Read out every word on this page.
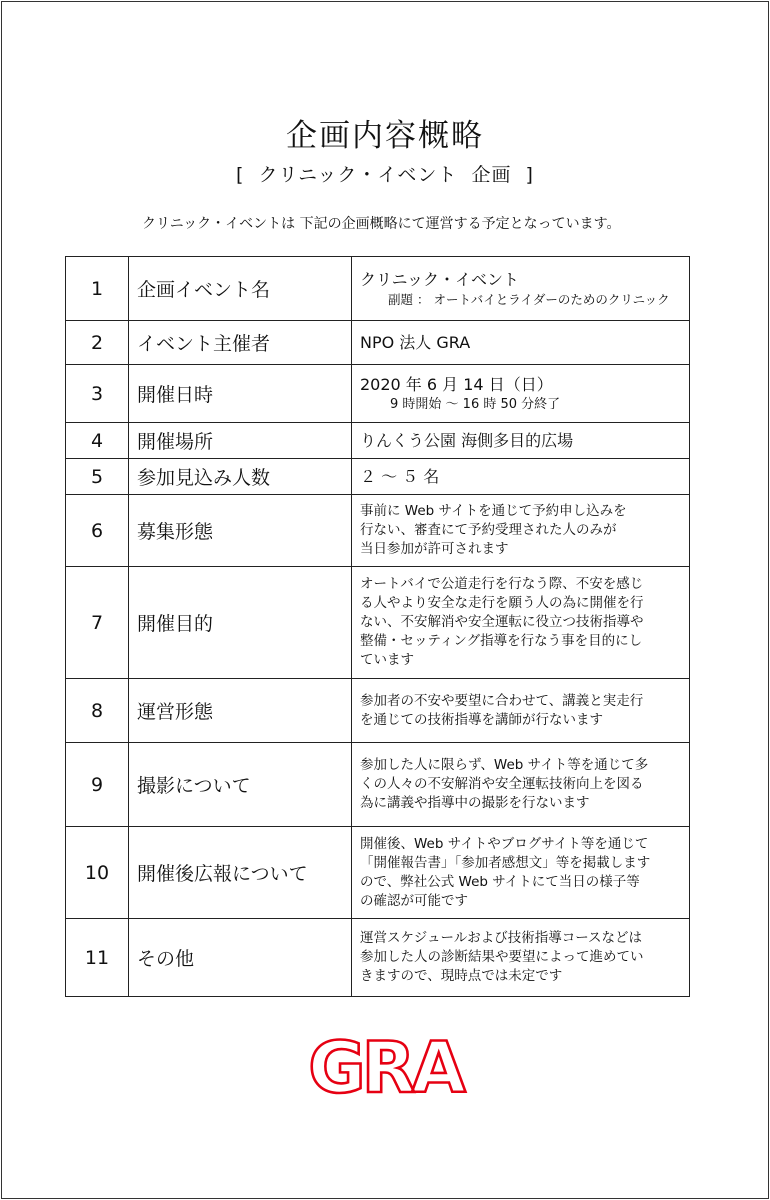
企画内容概略
[  クリニック・イベント  企画  ]
クリニック・イベントは 下記の企画概略にて運営する予定となっています。
1	企画イベント名	クリニック・イベント
副題 ： オートバイとライダーのためのクリニック

2	イベント主催者	NPO 法人 GRA

3	開催日時	2020 年 6 月 14 日（日）
9 時開始 ～ 16 時 50 分終了

4	開催場所	りんくう公園 海側多目的広場

5	参加見込み人数	２ ～ ５ 名

6	募集形態	事前に Web サイトを通じて予約申し込みを
行ない、審査にて予約受理された人のみが
当日参加が許可されます

7	開催目的	オートバイで公道走行を行なう際、不安を感じ
る人やより安全な走行を願う人の為に開催を行
ない、不安解消や安全運転に役立つ技術指導や
整備・セッティング指導を行なう事を目的にし
ています

8	運営形態	参加者の不安や要望に合わせて、講義と実走行
を通じての技術指導を講師が行ないます

9	撮影について	参加した人に限らず、Web サイト等を通じて多
くの人々の不安解消や安全運転技術向上を図る
為に講義や指導中の撮影を行ないます

10	開催後広報について	開催後、Web サイトやブログサイト等を通じて
「開催報告書」「参加者感想文」等を掲載します
ので、弊社公式 Web サイトにて当日の様子等
の確認が可能です

11	その他	運営スケジュールおよび技術指導コースなどは
参加した人の診断結果や要望によって進めてい
きますので、現時点では未定です
GRA
